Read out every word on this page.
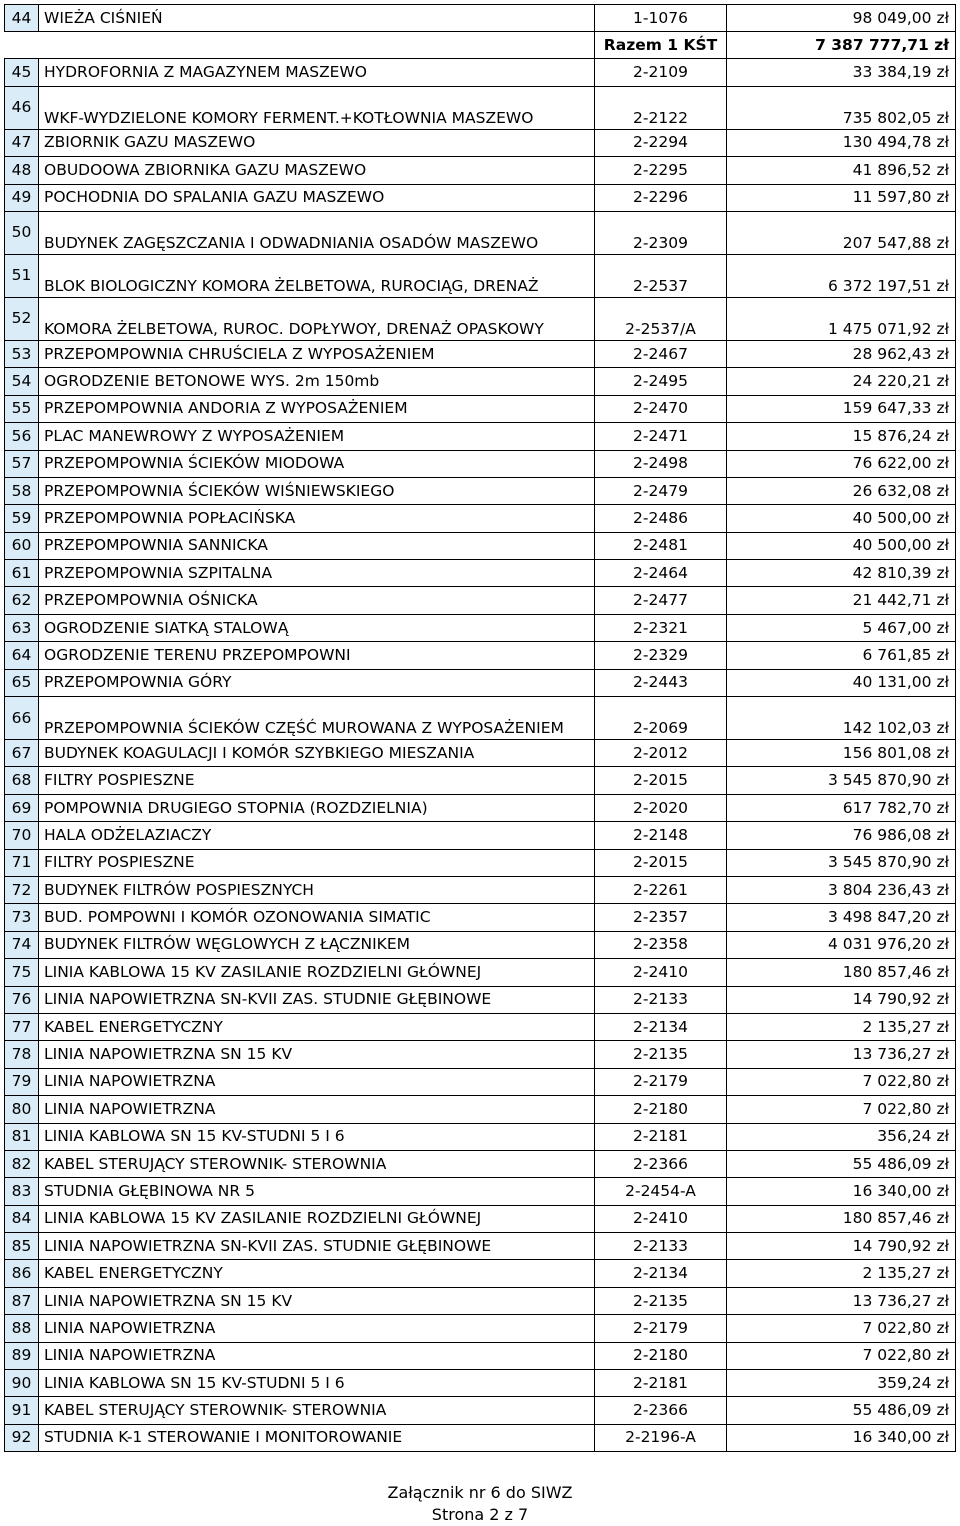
44	WIEŻA CIŚNIEŃ	1-1076	98 049,00 zł
		Razem 1 KŚT	7 387 777,71 zł
45	HYDROFORNIA Z MAGAZYNEM MASZEWO	2-2109	33 384,19 zł
46	WKF-WYDZIELONE KOMORY FERMENT.+KOTŁOWNIA MASZEWO	2-2122	735 802,05 zł
47	ZBIORNIK GAZU MASZEWO	2-2294	130 494,78 zł
48	OBUDOOWA ZBIORNIKA GAZU MASZEWO	2-2295	41 896,52 zł
49	POCHODNIA DO SPALANIA GAZU MASZEWO	2-2296	11 597,80 zł
50	BUDYNEK ZAGĘSZCZANIA I ODWADNIANIA OSADÓW MASZEWO	2-2309	207 547,88 zł
51	BLOK BIOLOGICZNY KOMORA ŻELBETOWA, RUROCIĄG, DRENAŻ	2-2537	6 372 197,51 zł
52	KOMORA ŻELBETOWA, RUROC. DOPŁYWOY, DRENAŻ OPASKOWY	2-2537/A	1 475 071,92 zł
53	PRZEPOMPOWNIA CHRUŚCIELA Z WYPOSAŻENIEM	2-2467	28 962,43 zł
54	OGRODZENIE BETONOWE WYS. 2m 150mb	2-2495	24 220,21 zł
55	PRZEPOMPOWNIA ANDORIA Z WYPOSAŻENIEM	2-2470	159 647,33 zł
56	PLAC MANEWROWY Z WYPOSAŻENIEM	2-2471	15 876,24 zł
57	PRZEPOMPOWNIA ŚCIEKÓW MIODOWA	2-2498	76 622,00 zł
58	PRZEPOMPOWNIA ŚCIEKÓW WIŚNIEWSKIEGO	2-2479	26 632,08 zł
59	PRZEPOMPOWNIA POPŁACIŃSKA	2-2486	40 500,00 zł
60	PRZEPOMPOWNIA SANNICKA	2-2481	40 500,00 zł
61	PRZEPOMPOWNIA SZPITALNA	2-2464	42 810,39 zł
62	PRZEPOMPOWNIA OŚNICKA	2-2477	21 442,71 zł
63	OGRODZENIE SIATKĄ STALOWĄ	2-2321	5 467,00 zł
64	OGRODZENIE TERENU PRZEPOMPOWNI	2-2329	6 761,85 zł
65	PRZEPOMPOWNIA GÓRY	2-2443	40 131,00 zł
66	PRZEPOMPOWNIA ŚCIEKÓW CZĘŚĆ MUROWANA Z WYPOSAŻENIEM	2-2069	142 102,03 zł
67	BUDYNEK KOAGULACJI I KOMÓR SZYBKIEGO MIESZANIA	2-2012	156 801,08 zł
68	FILTRY POSPIESZNE	2-2015	3 545 870,90 zł
69	POMPOWNIA DRUGIEGO STOPNIA (ROZDZIELNIA)	2-2020	617 782,70 zł
70	HALA ODŻELAZIACZY	2-2148	76 986,08 zł
71	FILTRY POSPIESZNE	2-2015	3 545 870,90 zł
72	BUDYNEK FILTRÓW POSPIESZNYCH	2-2261	3 804 236,43 zł
73	BUD. POMPOWNI I KOMÓR OZONOWANIA SIMATIC	2-2357	3 498 847,20 zł
74	BUDYNEK FILTRÓW WĘGLOWYCH Z ŁĄCZNIKEM	2-2358	4 031 976,20 zł
75	LINIA KABLOWA 15 KV ZASILANIE ROZDZIELNI GŁÓWNEJ	2-2410	180 857,46 zł
76	LINIA NAPOWIETRZNA SN-KVII ZAS. STUDNIE GŁĘBINOWE	2-2133	14 790,92 zł
77	KABEL ENERGETYCZNY	2-2134	2 135,27 zł
78	LINIA NAPOWIETRZNA SN 15 KV	2-2135	13 736,27 zł
79	LINIA NAPOWIETRZNA	2-2179	7 022,80 zł
80	LINIA NAPOWIETRZNA	2-2180	7 022,80 zł
81	LINIA KABLOWA SN 15 KV-STUDNI 5 I 6	2-2181	356,24 zł
82	KABEL STERUJĄCY STEROWNIK- STEROWNIA	2-2366	55 486,09 zł
83	STUDNIA GŁĘBINOWA NR 5	2-2454-A	16 340,00 zł
84	LINIA KABLOWA 15 KV ZASILANIE ROZDZIELNI GŁÓWNEJ	2-2410	180 857,46 zł
85	LINIA NAPOWIETRZNA SN-KVII ZAS. STUDNIE GŁĘBINOWE	2-2133	14 790,92 zł
86	KABEL ENERGETYCZNY	2-2134	2 135,27 zł
87	LINIA NAPOWIETRZNA SN 15 KV	2-2135	13 736,27 zł
88	LINIA NAPOWIETRZNA	2-2179	7 022,80 zł
89	LINIA NAPOWIETRZNA	2-2180	7 022,80 zł
90	LINIA KABLOWA SN 15 KV-STUDNI 5 I 6	2-2181	359,24 zł
91	KABEL STERUJĄCY STEROWNIK- STEROWNIA	2-2366	55 486,09 zł
92	STUDNIA K-1 STEROWANIE I MONITOROWANIE	2-2196-A	16 340,00 zł
Załącznik nr 6 do SIWZ
Strona 2 z 7
